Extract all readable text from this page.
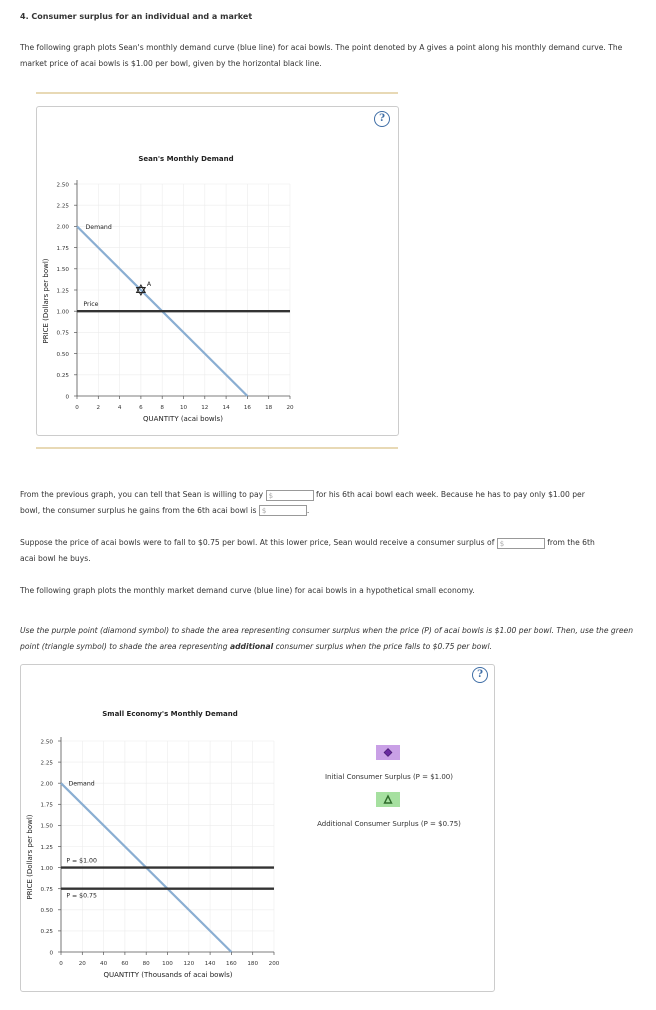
4. Consumer surplus for an individual and a market
The following graph plots Sean's monthly demand curve (blue line) for acai bowls. The point denoted by A gives a point along his monthly demand curve. The market price of acai bowls is $1.00 per bowl, given by the horizontal black line.
?
Sean's Monthly Demand
0
0.25
0.50
0.75
1.00
1.25
1.50
1.75
2.00
2.25
2.50
0	2	4	6	8	10	12	14	16	18	20
Demand
Price
A
QUANTITY (acai bowls)
PRICE (Dollars per bowl)
From the previous graph, you can tell that Sean is willing to pay $	for his 6th acai bowl each week. Because he has to pay only $1.00 per
bowl, the consumer surplus he gains from the 6th acai bowl is $	.
Suppose the price of acai bowls were to fall to $0.75 per bowl. At this lower price, Sean would receive a consumer surplus of $	from the 6th
acai bowl he buys.
The following graph plots the monthly market demand curve (blue line) for acai bowls in a hypothetical small economy.
Use the purple point (diamond symbol) to shade the area representing consumer surplus when the price (P) of acai bowls is $1.00 per bowl. Then, use the green point (triangle symbol) to shade the area representing additional consumer surplus when the price falls to $0.75 per bowl.
?
Small Economy's Monthly Demand
0
0.25
0.50
0.75
1.00
1.25
1.50
1.75
2.00
2.25
2.50
0	20	40	60	80 100 120 140 160 180 200
Demand
P = $1.00
P = $0.75
QUANTITY (Thousands of acai bowls)
PRICE (Dollars per bowl)
Initial Consumer Surplus (P = $1.00)
Additional Consumer Surplus (P = $0.75)
